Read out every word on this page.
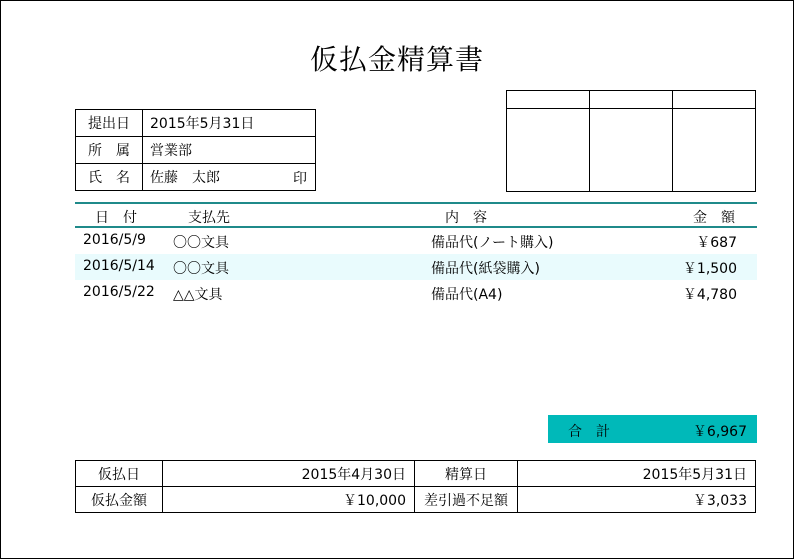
仮払金精算書
提出日	2015年5月31日
所　属	営業部
氏　名	佐藤　太郎 印

日　付	支払先	内　容	金　額
2016/5/9 〇〇文具	備品代(ノート購入)	￥687
2016/5/14 〇〇文具	備品代(紙袋購入)	￥1,500
2016/5/22 △△文具	備品代(A4)	￥4,780
合　計	￥6,967
仮払日	2015年4月30日	精算日	2015年5月31日
仮払金額	￥10,000	差引過不足額	￥3,033
